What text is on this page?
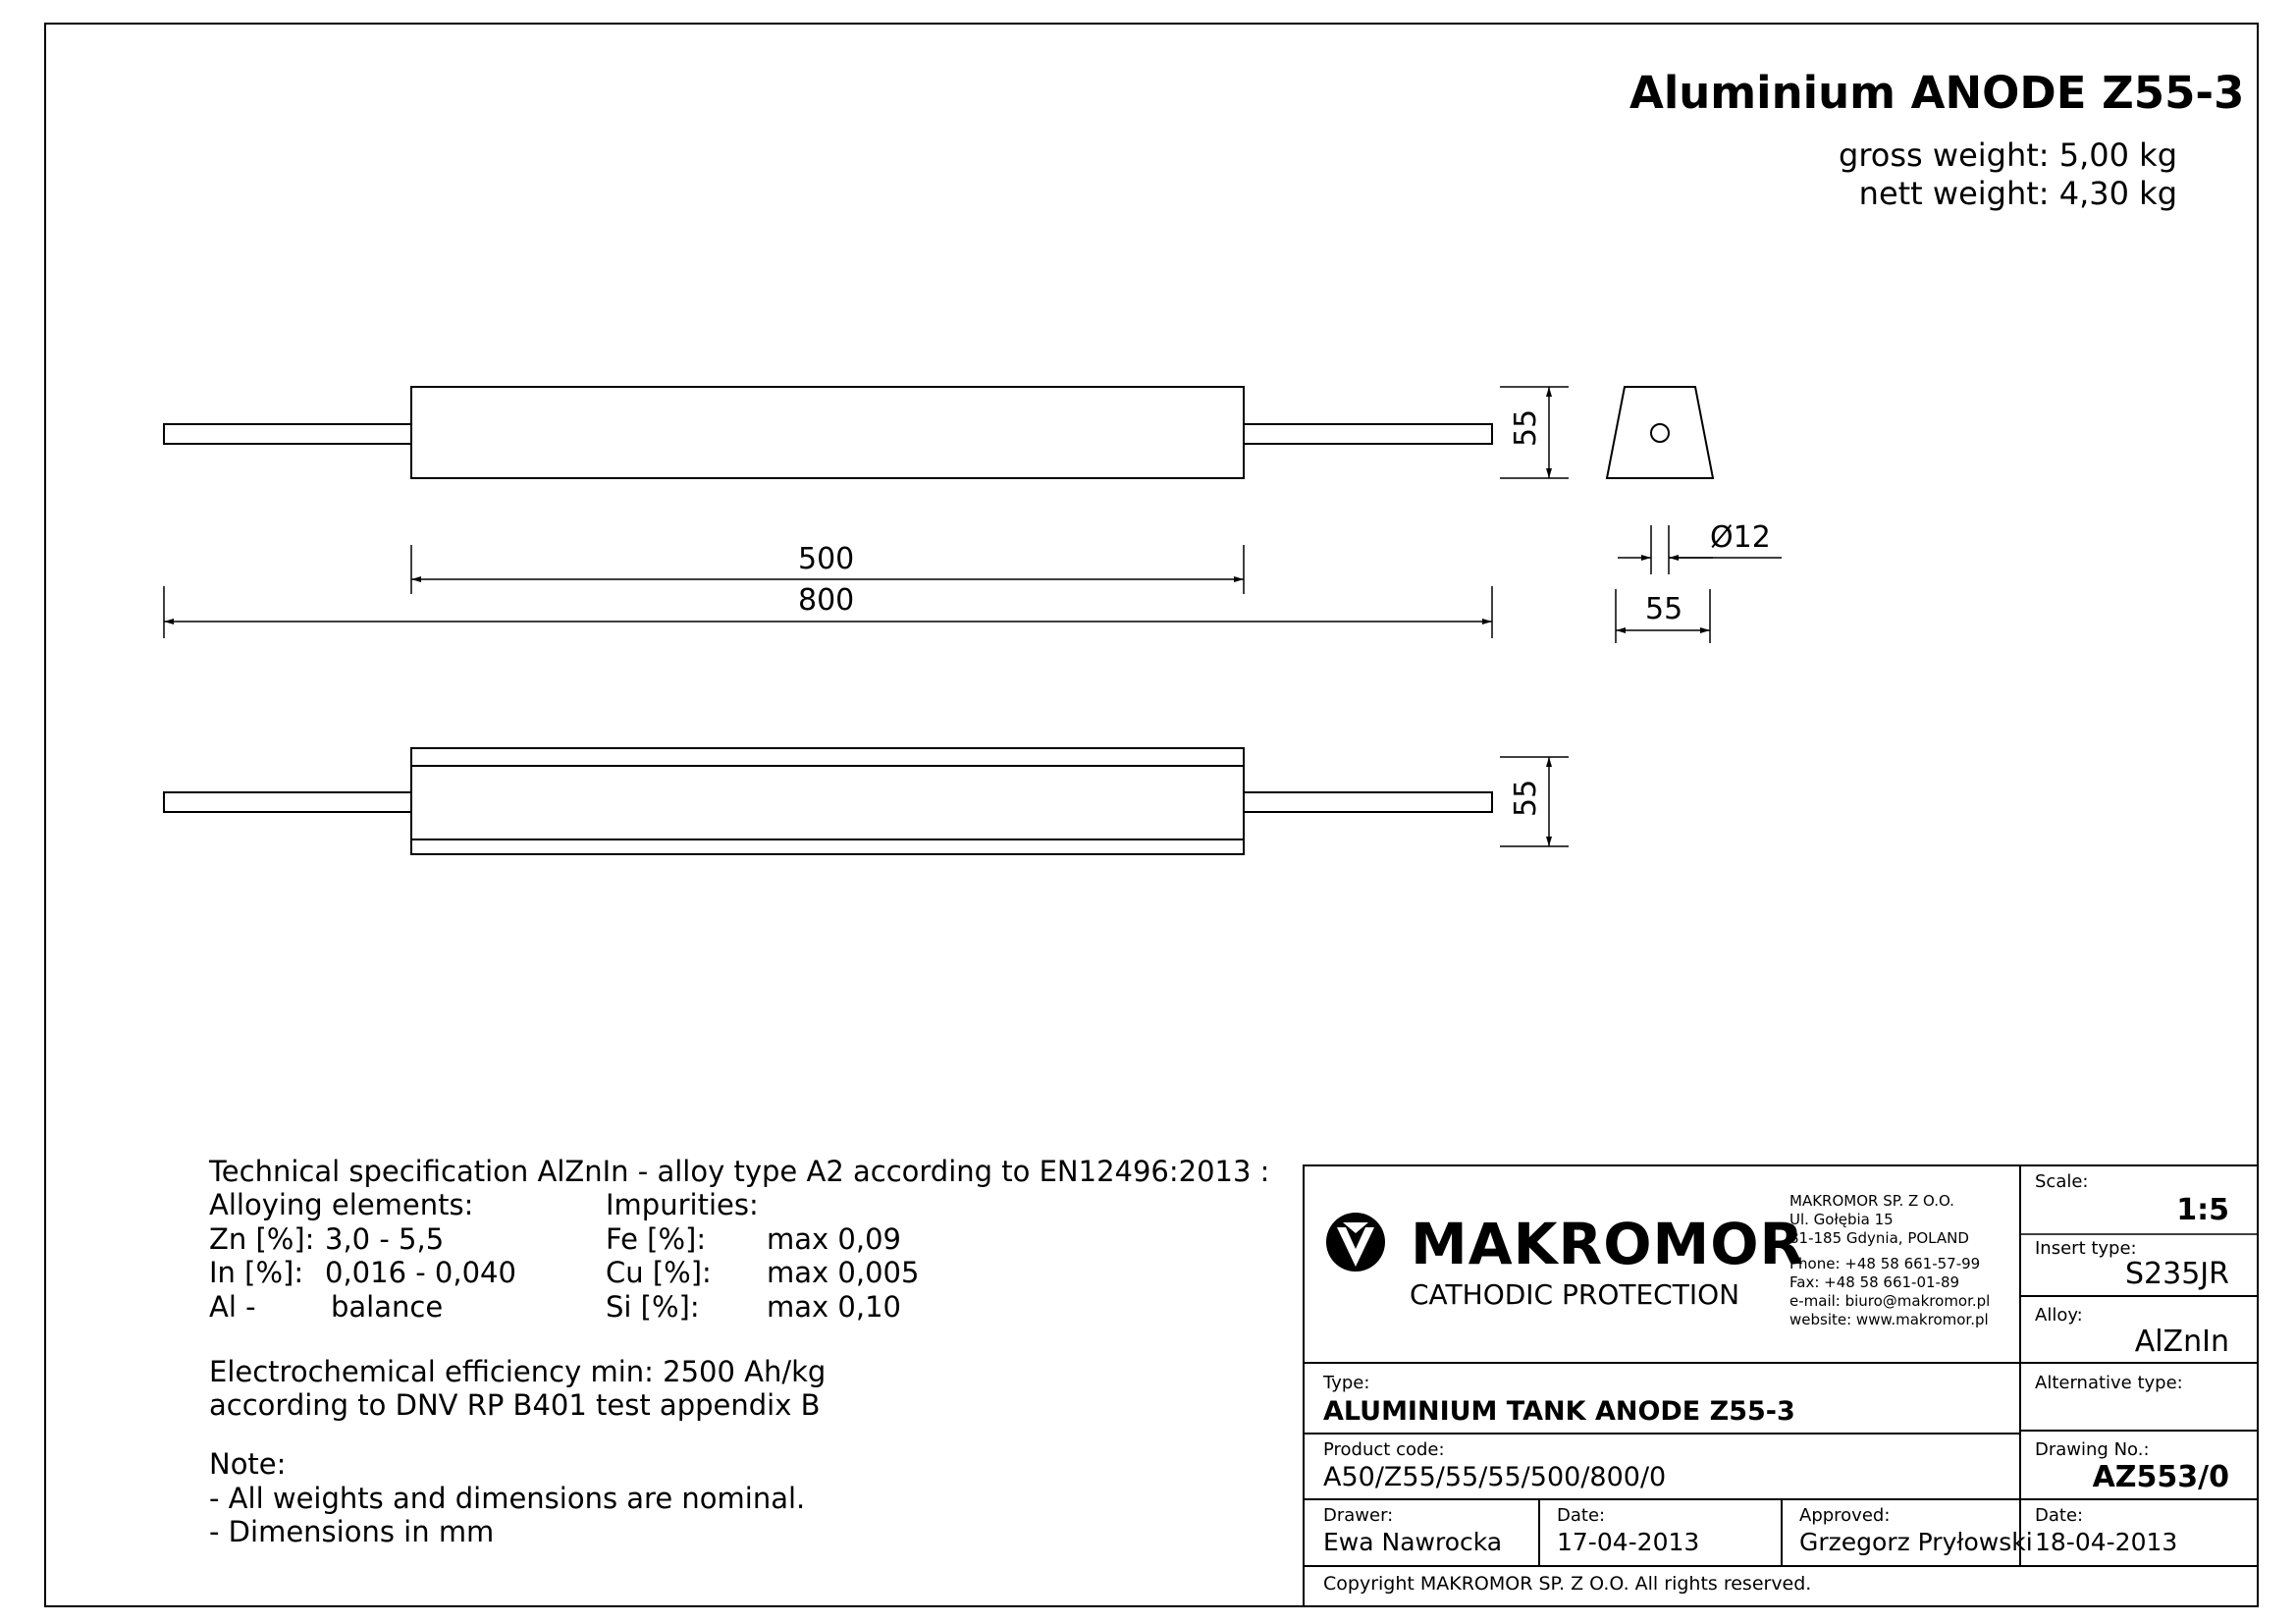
Aluminium ANODE Z55-3
gross weight: 5,00 kg
nett weight: 4,30 kg
55
500
800
Ø12
55
55
Technical specification AlZnIn - alloy type A2 according to EN12496:2013 :
Alloying elements:	Impurities:
Zn [%]: 3,0 - 5,5
In [%]: 0,016 - 0,040
Al -	balance
Fe [%]: max 0,09
Cu [%]: max 0,005
Si [%]: max 0,10
Electrochemical efficiency min: 2500 Ah/kg
according to DNV RP B401 test appendix B
Note:
- All weights and dimensions are nominal.
- Dimensions in mm
MAKROMOR
CATHODIC PROTECTION
MAKROMOR SP. Z O.O.
Ul. Gołębia 15
81-185 Gdynia, POLAND
Phone: +48 58 661-57-99
Fax: +48 58 661-01-89
e-mail: biuro@makromor.pl
website: www.makromor.pl
Scale:
1:5
Insert type:
S235JR
Alloy:
AlZnIn
Alternative type:
Drawing No.:
AZ553/0
Type:
ALUMINIUM TANK ANODE Z55-3
Product code:
A50/Z55/55/55/500/800/0
Drawer:
Ewa Nawrocka
Date:
17-04-2013
Approved:
Grzegorz Pryłowski
Date:
18-04-2013
Copyright MAKROMOR SP. Z O.O. All rights reserved.
